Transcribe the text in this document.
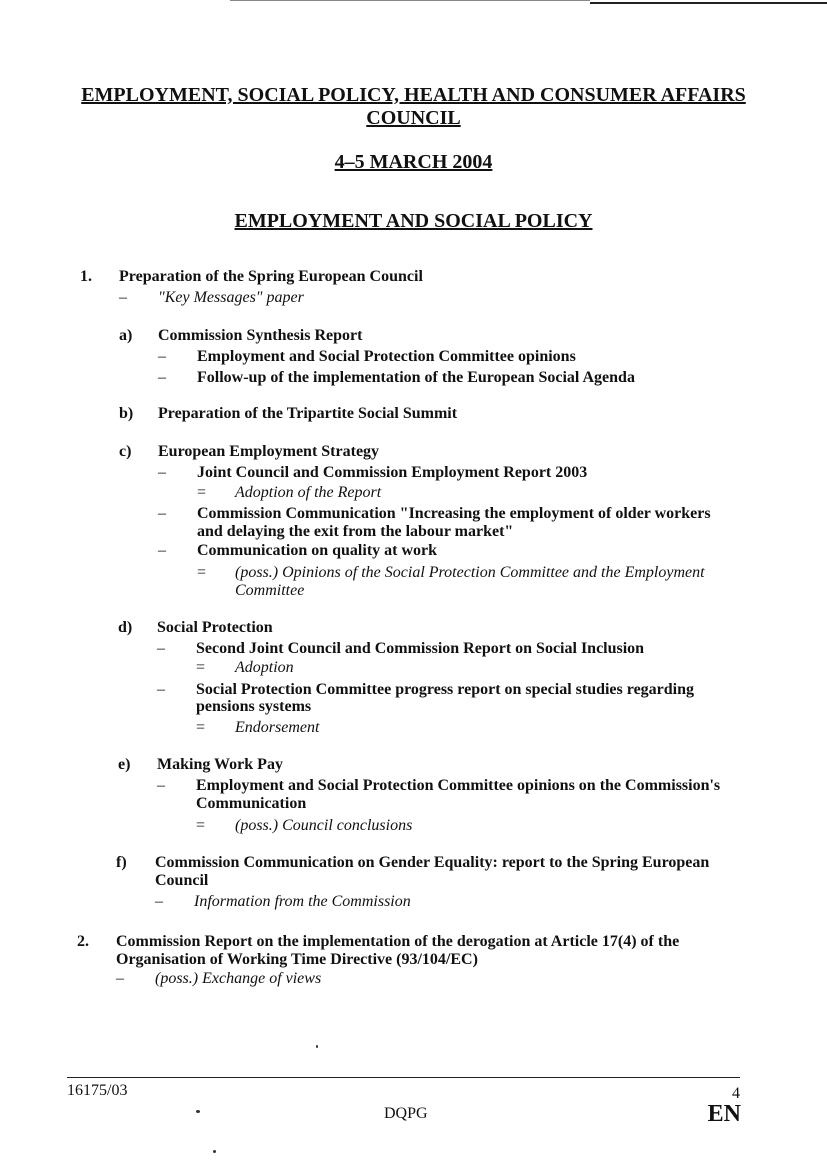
EMPLOYMENT, SOCIAL POLICY, HEALTH AND CONSUMER AFFAIRS
COUNCIL
4–5 MARCH 2004
EMPLOYMENT AND SOCIAL POLICY
1. Preparation of the Spring European Council
– "Key Messages" paper
a) Commission Synthesis Report
– Employment and Social Protection Committee opinions
– Follow-up of the implementation of the European Social Agenda
b) Preparation of the Tripartite Social Summit
c) European Employment Strategy
– Joint Council and Commission Employment Report 2003
= Adoption of the Report
– Commission Communication "Increasing the employment of older workers
and delaying the exit from the labour market"
– Communication on quality at work
= (poss.) Opinions of the Social Protection Committee and the Employment
Committee
d) Social Protection
– Second Joint Council and Commission Report on Social Inclusion
= Adoption
– Social Protection Committee progress report on special studies regarding
pensions systems
= Endorsement
e) Making Work Pay
– Employment and Social Protection Committee opinions on the Commission's
Communication
= (poss.) Council conclusions
f) Commission Communication on Gender Equality: report to the Spring European
Council
– Information from the Commission
2. Commission Report on the implementation of the derogation at Article 17(4) of the
Organisation of Working Time Directive (93/104/EC)
– (poss.) Exchange of views
16175/03	4
DQPG	EN
